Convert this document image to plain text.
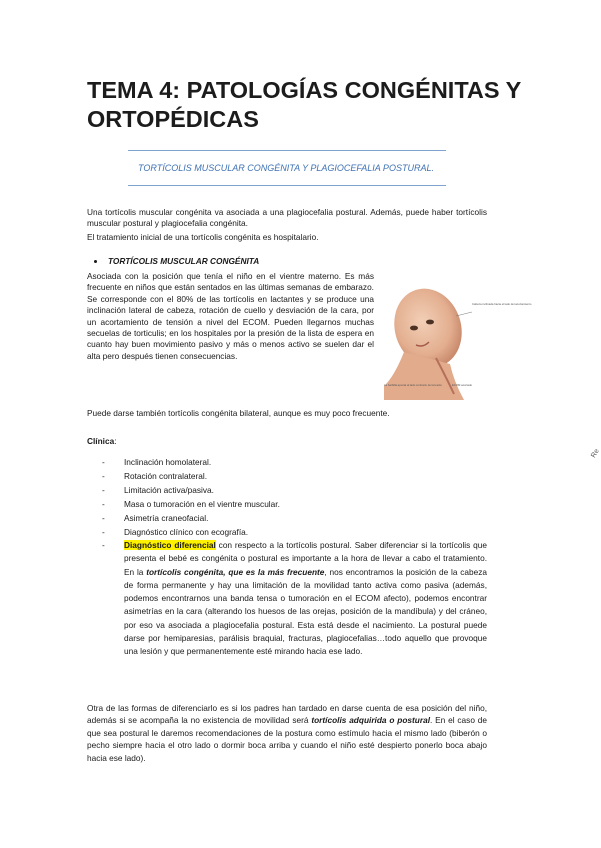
TEMA 4: PATOLOGÍAS CONGÉNITAS Y ORTOPÉDICAS
TORTÍCOLIS MUSCULAR CONGÉNITA Y PLAGIOCEFALIA POSTURAL.

Una tortícolis muscular congénita va asociada a una plagiocefalia postural. Además, puede haber tortícolis muscular postural y plagiocefalia congénita.

El tratamiento inicial de una tortícolis congénita es hospitalario.

TORTÍCOLIS MUSCULAR CONGÉNITA

Asociada con la posición que tenía el niño en el vientre materno. Es más frecuente en niños que están sentados en las últimas semanas de embarazo. Se corresponde con el 80% de las tortícolis en lactantes y se produce una inclinación lateral de cabeza, rotación de cuello y desviación de la cara, por un acortamiento de tensión a nivel del ECOM. Pueden llegarnos muchas secuelas de torticulis; en los hospitales por la presión de la lista de espera en cuanto hay buen movimiento pasivo y más o menos activo se suelen dar el alta pero después tienen consecuencias.

Cabeza inclinada hacia el lado del acortamiento
La barbilla apunta al lado contrario de la lesión	ECOM acortado

Puede darse también tortícolis congénita bilateral, aunque es muy poco frecuente.

Clínica:
- Inclinación homolateral.
- Rotación contralateral.
- Limitación activa/pasiva.
- Masa o tumoración en el vientre muscular.
- Asimetría craneofacial.
- Diagnóstico clínico con ecografía.
- Diagnóstico diferencial con respecto a la tortícolis postural. Saber diferenciar si la tortícolis que presenta el bebé es congénita o postural es importante a la hora de llevar a cabo el tratamiento. En la tortícolis congénita, que es la más frecuente, nos encontramos la posición de la cabeza de forma permanente y hay una limitación de la movilidad tanto activa como pasiva (además, podemos encontrarnos una banda tensa o tumoración en el ECOM afecto), podemos encontrar asimetrías en la cara (alterando los huesos de las orejas, posición de la mandíbula) y del cráneo, por eso va asociada a plagiocefalia postural. Esta está desde el nacimiento. La postural puede darse por hemiparesias, parálisis braquial, fracturas, plagiocefalias…todo aquello que provoque una lesión y que permanentemente esté mirando hacia ese lado.

Otra de las formas de diferenciarlo es si los padres han tardado en darse cuenta de esa posición del niño, además si se acompaña la no existencia de movilidad será tortícolis adquirida o postural. En el caso de que sea postural le daremos recomendaciones de la postura como estímulo hacia el mismo lado (biberón o pecho siempre hacia el otro lado o dormir boca arriba y cuando el niño esté despierto ponerlo boca abajo hacia ese lado).

Re
